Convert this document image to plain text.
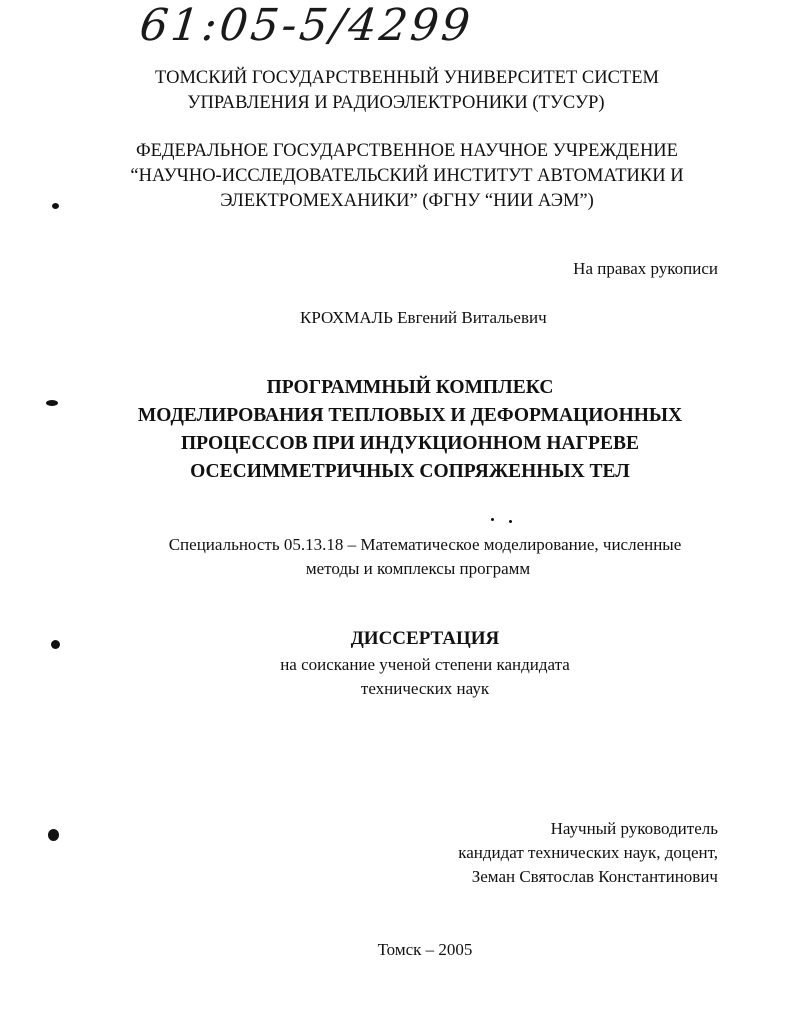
61:05-5/4299
ТОМСКИЙ ГОСУДАРСТВЕННЫЙ УНИВЕРСИТЕТ СИСТЕМ
УПРАВЛЕНИЯ И РАДИОЭЛЕКТРОНИКИ (ТУСУР)
ФЕДЕРАЛЬНОЕ ГОСУДАРСТВЕННОЕ НАУЧНОЕ УЧРЕЖДЕНИЕ
“НАУЧНО-ИССЛЕДОВАТЕЛЬСКИЙ ИНСТИТУТ АВТОМАТИКИ И
ЭЛЕКТРОМЕХАНИКИ” (ФГНУ “НИИ АЭМ”)
На правах рукописи
КРОХМАЛЬ Евгений Витальевич
ПРОГРАММНЫЙ КОМПЛЕКС
МОДЕЛИРОВАНИЯ ТЕПЛОВЫХ И ДЕФОРМАЦИОННЫХ
ПРОЦЕССОВ ПРИ ИНДУКЦИОННОМ НАГРЕВЕ
ОСЕСИММЕТРИЧНЫХ СОПРЯЖЕННЫХ ТЕЛ
Специальность 05.13.18 – Математическое моделирование, численные
методы и комплексы программ
ДИССЕРТАЦИЯ
на соискание ученой степени кандидата
технических наук
Научный руководитель
кандидат технических наук, доцент,
Земан Святослав Константинович
Томск – 2005
